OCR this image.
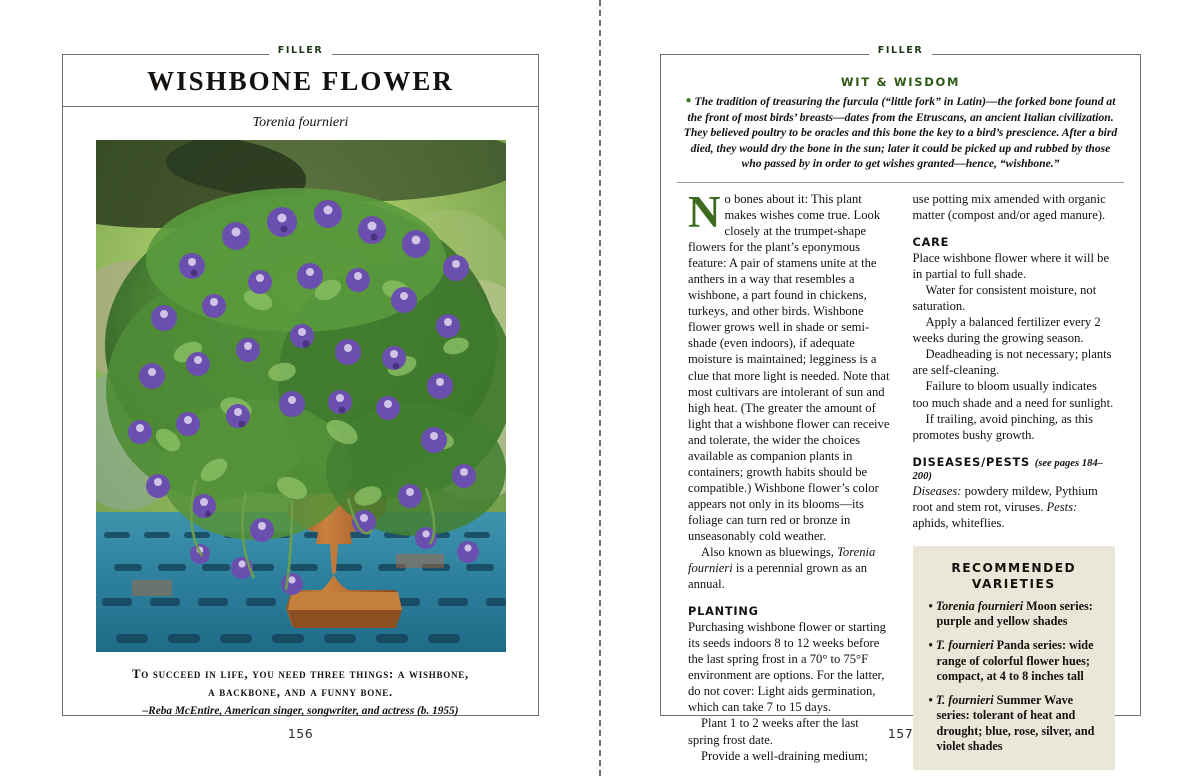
FILLER
WISHBONE FLOWER
Torenia fournieri
To succeed in life, you need three things: a wishbone,
a backbone, and a funny bone.
–Reba McEntire, American singer, songwriter, and actress (b. 1955)
FILLER
WIT & WISDOM
● The tradition of treasuring the furcula (“little fork” in Latin)—the forked bone found at the front of most birds’ breasts—dates from the Etruscans, an ancient Italian civilization. They believed poultry to be oracles and this bone the key to a bird’s prescience. After a bird died, they would dry the bone in the sun; later it could be picked up and rubbed by those who passed by in order to get wishes granted—hence, “wishbone.”

No bones about it: This plant makes wishes come true. Look closely at the trumpet-shape flowers for the plant’s eponymous feature: A pair of stamens unite at the anthers in a way that resembles a wishbone, a part found in chickens, turkeys, and other birds. Wishbone flower grows well in shade or semi-shade (even indoors), if adequate moisture is maintained; legginess is a clue that more light is needed. Note that most cultivars are intolerant of sun and high heat. (The greater the amount of light that a wishbone flower can receive and tolerate, the wider the choices available as companion plants in containers; growth habits should be compatible.) Wishbone flower’s color appears not only in its blooms—its foliage can turn red or bronze in unseasonably cold weather.

Also known as bluewings, Torenia fournieri is a perennial grown as an annual.

PLANTING

Purchasing wishbone flower or starting its seeds indoors 8 to 12 weeks before the last spring frost in a 70° to 75°F environment are options. For the latter, do not cover: Light aids germination, which can take 7 to 15 days.

Plant 1 to 2 weeks after the last spring frost date.

Provide a well-draining medium;

use potting mix amended with organic matter (compost and/or aged manure).

CARE

Place wishbone flower where it will be in partial to full shade.

Water for consistent moisture, not saturation.

Apply a balanced fertilizer every 2 weeks during the growing season.

Deadheading is not necessary; plants are self-cleaning.

Failure to bloom usually indicates too much shade and a need for sunlight.

If trailing, avoid pinching, as this promotes bushy growth.

DISEASES/PESTS (see pages 184–200)

Diseases: powdery mildew, Pythium root and stem rot, viruses. Pests: aphids, whiteflies.

RECOMMENDED
VARIETIES
• Torenia fournieri Moon series: purple and yellow shades
• T. fournieri Panda series: wide range of colorful flower hues; compact, at 4 to 8 inches tall
• T. fournieri Summer Wave series: tolerant of heat and drought; blue, rose, silver, and violet shades
156	157
